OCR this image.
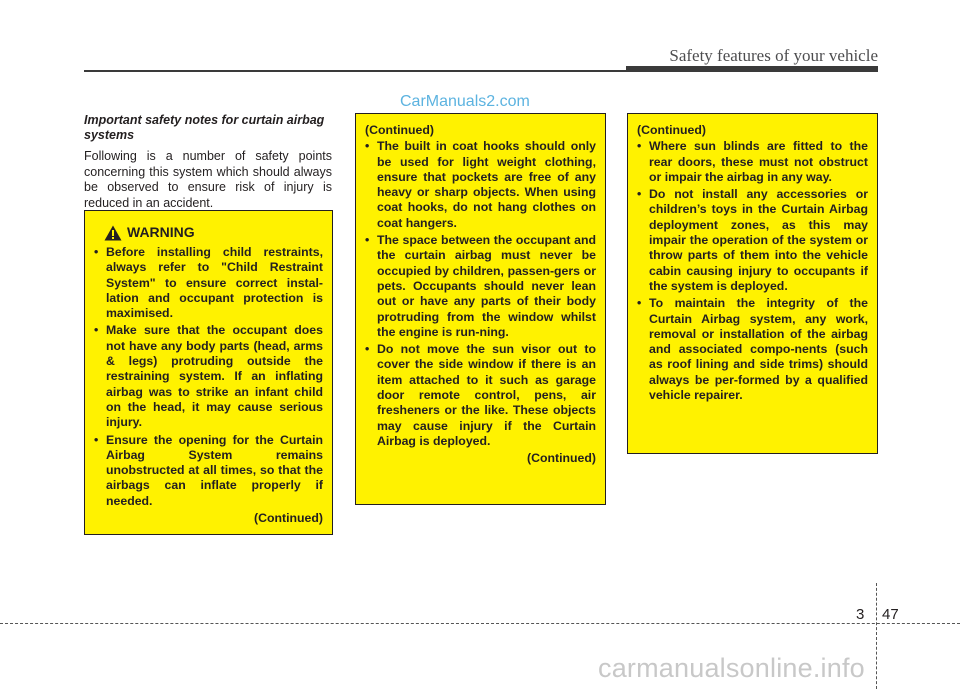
Safety features of your vehicle
CarManuals2.com
Important safety notes for curtain airbag systems
Following is a number of safety points concerning this system which should always be observed to ensure risk of injury is reduced in an accident.
WARNING
• Before installing child restraints, always refer to "Child Restraint System" to ensure correct instal-lation and occupant protection is maximised.
• Make sure that the occupant does not have any body parts (head, arms & legs) protruding outside the restraining system. If an inflating airbag was to strike an infant child on the head, it may cause serious injury.
• Ensure the opening for the Curtain Airbag System remains unobstructed at all times, so that the airbags can inflate properly if needed.
(Continued)
(Continued)
• The built in coat hooks should only be used for light weight clothing, ensure that pockets are free of any heavy or sharp objects. When using coat hooks, do not hang clothes on coat hangers.
• The space between the occupant and the curtain airbag must never be occupied by children, passen-gers or pets. Occupants should never lean out or have any parts of their body protruding from the window whilst the engine is run-ning.
• Do not move the sun visor out to cover the side window if there is an item attached to it such as garage door remote control, pens, air fresheners or the like. These objects may cause injury if the Curtain Airbag is deployed.
(Continued)
(Continued)
• Where sun blinds are fitted to the rear doors, these must not obstruct or impair the airbag in any way.
• Do not install any accessories or children’s toys in the Curtain Airbag deployment zones, as this may impair the operation of the system or throw parts of them into the vehicle cabin causing injury to occupants if the system is deployed.
• To maintain the integrity of the Curtain Airbag system, any work, removal or installation of the airbag and associated compo-nents (such as roof lining and side trims) should always be per-formed by a qualified vehicle repairer.
3 47
carmanualsonline.info
